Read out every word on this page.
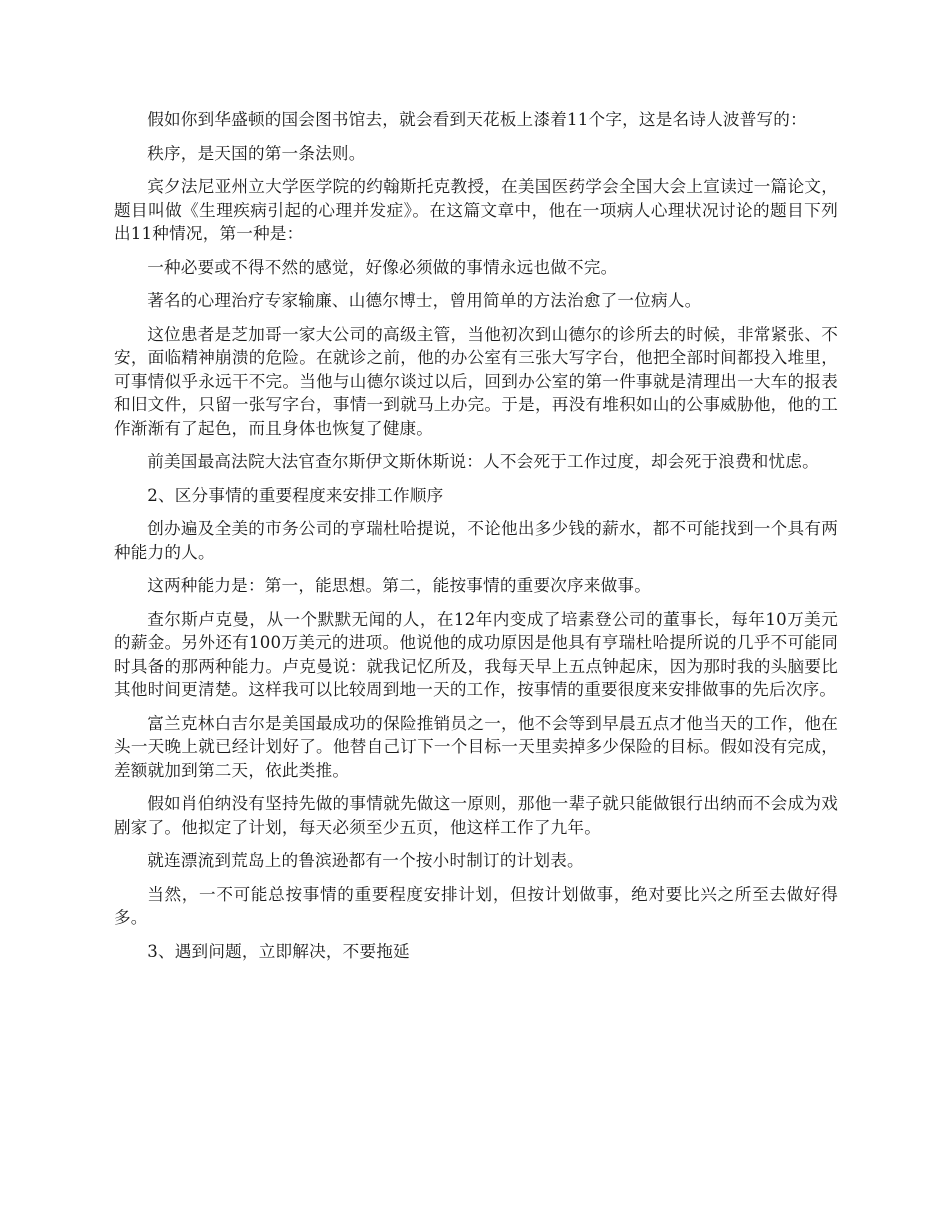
假如你到华盛顿的国会图书馆去，就会看到天花板上漆着11个字，这是名诗人波普写的：

秩序，是天国的第一条法则。

宾夕法尼亚州立大学医学院的约翰斯托克教授，在美国医药学会全国大会上宣读过一篇论文，题目叫做《生理疾病引起的心理并发症》。在这篇文章中，他在一项病人心理状况讨论的题目下列出11种情况，第一种是：

一种必要或不得不然的感觉，好像必须做的事情永远也做不完。

著名的心理治疗专家输廉、山德尔博士，曾用简单的方法治愈了一位病人。

这位患者是芝加哥一家大公司的高级主管，当他初次到山德尔的诊所去的时候，非常紧张、不安，面临精神崩溃的危险。在就诊之前，他的办公室有三张大写字台，他把全部时间都投入堆里，可事情似乎永远干不完。当他与山德尔谈过以后，回到办公室的第一件事就是清理出一大车的报表和旧文件，只留一张写字台，事情一到就马上办完。于是，再没有堆积如山的公事威胁他，他的工作渐渐有了起色，而且身体也恢复了健康。

前美国最高法院大法官查尔斯伊文斯休斯说：人不会死于工作过度，却会死于浪费和忧虑。

2、区分事情的重要程度来安排工作顺序

创办遍及全美的市务公司的亨瑞杜哈提说，不论他出多少钱的薪水，都不可能找到一个具有两种能力的人。

这两种能力是：第一，能思想。第二，能按事情的重要次序来做事。

查尔斯卢克曼，从一个默默无闻的人，在12年内变成了培素登公司的董事长，每年10万美元的薪金。另外还有100万美元的进项。他说他的成功原因是他具有亨瑞杜哈提所说的几乎不可能同时具备的那两种能力。卢克曼说：就我记忆所及，我每天早上五点钟起床，因为那时我的头脑要比其他时间更清楚。这样我可以比较周到地一天的工作，按事情的重要很度来安排做事的先后次序。

富兰克林白吉尔是美国最成功的保险推销员之一，他不会等到早晨五点才他当天的工作，他在头一天晚上就已经计划好了。他替自己订下一个目标一天里卖掉多少保险的目标。假如没有完成，差额就加到第二天，依此类推。

假如肖伯纳没有坚持先做的事情就先做这一原则，那他一辈子就只能做银行出纳而不会成为戏剧家了。他拟定了计划，每天必须至少五页，他这样工作了九年。

就连漂流到荒岛上的鲁滨逊都有一个按小时制订的计划表。

当然，一不可能总按事情的重要程度安排计划，但按计划做事，绝对要比兴之所至去做好得多。

3、遇到问题，立即解决，不要拖延
